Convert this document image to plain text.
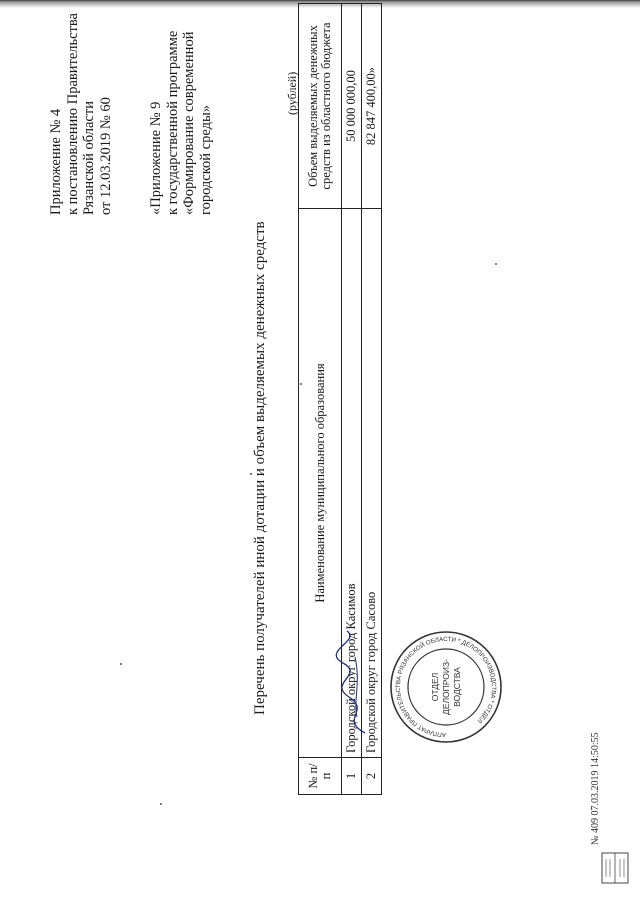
Приложение № 4 к постановлению Правительства Рязанской области от 12.03.2019 № 60 «Приложение № 9 к государственной программе «Формирование современной городской среды»
Перечень получателей иной дотации и объем выделяемых денежных средств
(рублей)
№ п/п	Наименование муниципального образования	Объем выделяемых денежных средств из областного бюджета
1	Городской округ город Касимов	50 000 000,00
2	Городской округ город Сасово	82 847 400,00»
АППАРАТ ПРАВИТЕЛЬСТВА РЯЗАНСКОЙ ОБЛАСТИ * ДЕЛОПРОИЗВОДСТВА * ОТДЕЛ
ОТДЕЛ ДЕЛОПРОИЗ- ВОДСТВА
№ 409 07.03.2019 14:50:55
